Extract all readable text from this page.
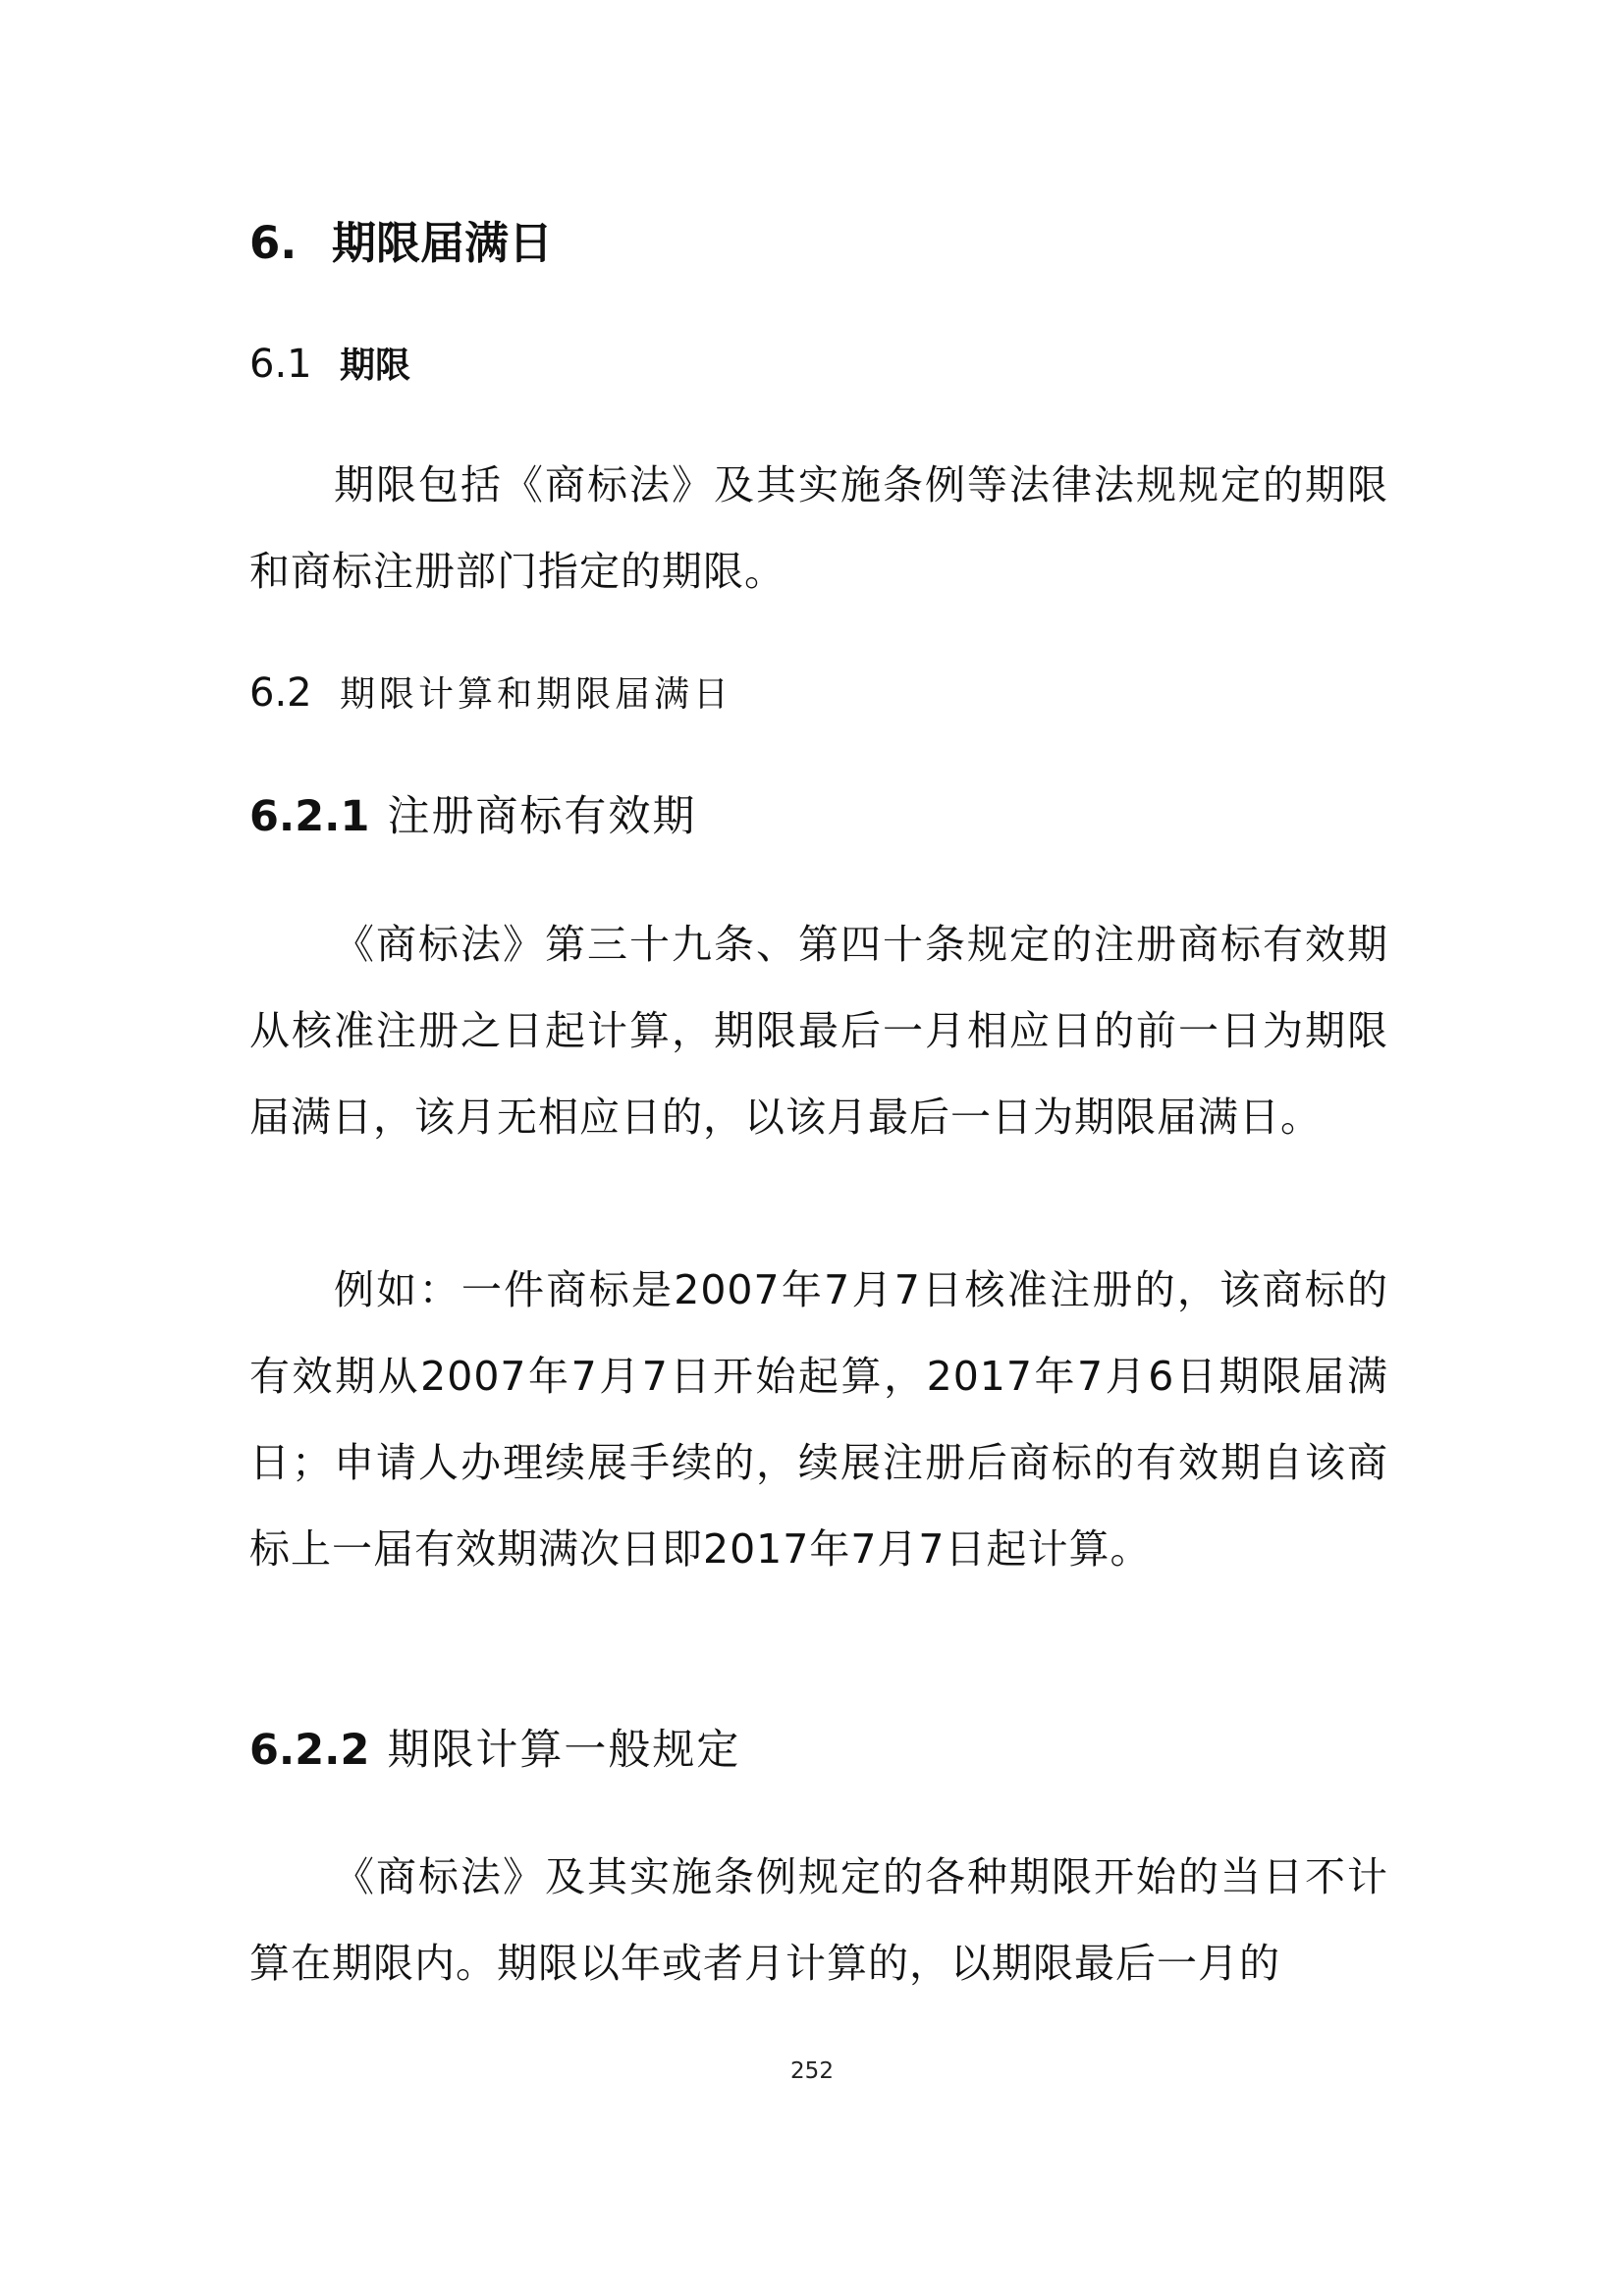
6. 期限届满日
6.1 期限

期限包括《商标法》及其实施条例等法律法规规定的期限和商标注册部门指定的期限。

6.2 期限计算和期限届满日
6.2.1 注册商标有效期

《商标法》第三十九条、第四十条规定的注册商标有效期从核准注册之日起计算，期限最后一月相应日的前一日为期限届满日，该月无相应日的，以该月最后一日为期限届满日。

例如：一件商标是2007年7月7日核准注册的，该商标的有效期从2007年7月7日开始起算，2017年7月6日期限届满日；申请人办理续展手续的，续展注册后商标的有效期自该商标上一届有效期满次日即2017年7月7日起计算。

6.2.2 期限计算一般规定

《商标法》及其实施条例规定的各种期限开始的当日不计算在期限内。期限以年或者月计算的，以期限最后一月的

252
